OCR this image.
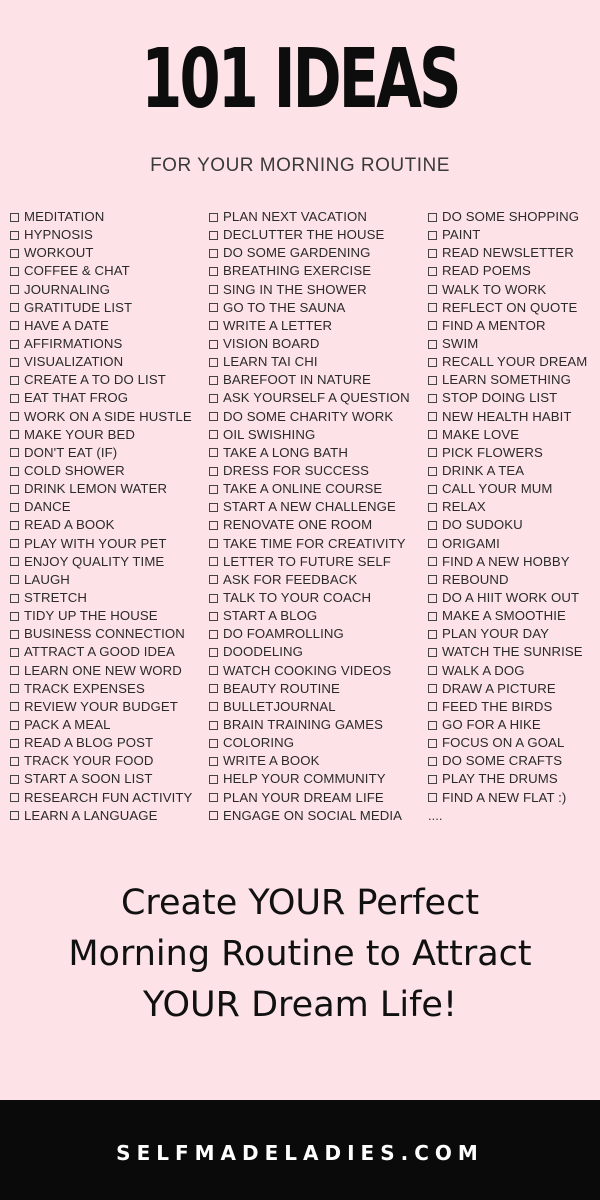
101 IDEAS
FOR YOUR MORNING ROUTINE
MEDITATION
HYPNOSIS
WORKOUT
COFFEE & CHAT
JOURNALING
GRATITUDE LIST
HAVE A DATE
AFFIRMATIONS
VISUALIZATION
CREATE A TO DO LIST
EAT THAT FROG
WORK ON A SIDE HUSTLE
MAKE YOUR BED
DON'T EAT (IF)
COLD SHOWER
DRINK LEMON WATER
DANCE
READ A BOOK
PLAY WITH YOUR PET
ENJOY QUALITY TIME
LAUGH
STRETCH
TIDY UP THE HOUSE
BUSINESS CONNECTION
ATTRACT A GOOD IDEA
LEARN ONE NEW WORD
TRACK EXPENSES
REVIEW YOUR BUDGET
PACK A MEAL
READ A BLOG POST
TRACK YOUR FOOD
START A SOON LIST
RESEARCH FUN ACTIVITY
LEARN A LANGUAGE
PLAN NEXT VACATION
DECLUTTER THE HOUSE
DO SOME GARDENING
BREATHING EXERCISE
SING IN THE SHOWER
GO TO THE SAUNA
WRITE A LETTER
VISION BOARD
LEARN TAI CHI
BAREFOOT IN NATURE
ASK YOURSELF A QUESTION
DO SOME CHARITY WORK
OIL SWISHING
TAKE A LONG BATH
DRESS FOR SUCCESS
TAKE A ONLINE COURSE
START A NEW CHALLENGE
RENOVATE ONE ROOM
TAKE TIME FOR CREATIVITY
LETTER TO FUTURE SELF
ASK FOR FEEDBACK
TALK TO YOUR COACH
START A BLOG
DO FOAMROLLING
DOODELING
WATCH COOKING VIDEOS
BEAUTY ROUTINE
BULLETJOURNAL
BRAIN TRAINING GAMES
COLORING
WRITE A BOOK
HELP YOUR COMMUNITY
PLAN YOUR DREAM LIFE
ENGAGE ON SOCIAL MEDIA
DO SOME SHOPPING
PAINT
READ NEWSLETTER
READ POEMS
WALK TO WORK
REFLECT ON QUOTE
FIND A MENTOR
SWIM
RECALL YOUR DREAM
LEARN SOMETHING
STOP DOING LIST
NEW HEALTH HABIT
MAKE LOVE
PICK FLOWERS
DRINK A TEA
CALL YOUR MUM
RELAX
DO SUDOKU
ORIGAMI
FIND A NEW HOBBY
REBOUND
DO A HIIT WORK OUT
MAKE A SMOOTHIE
PLAN YOUR DAY
WATCH THE SUNRISE
WALK A DOG
DRAW A PICTURE
FEED THE BIRDS
GO FOR A HIKE
FOCUS ON A GOAL
DO SOME CRAFTS
PLAY THE DRUMS
FIND A NEW FLAT :)
....
Create YOUR Perfect
Morning Routine to Attract
YOUR Dream Life!
SELFMADELADIES.COM
